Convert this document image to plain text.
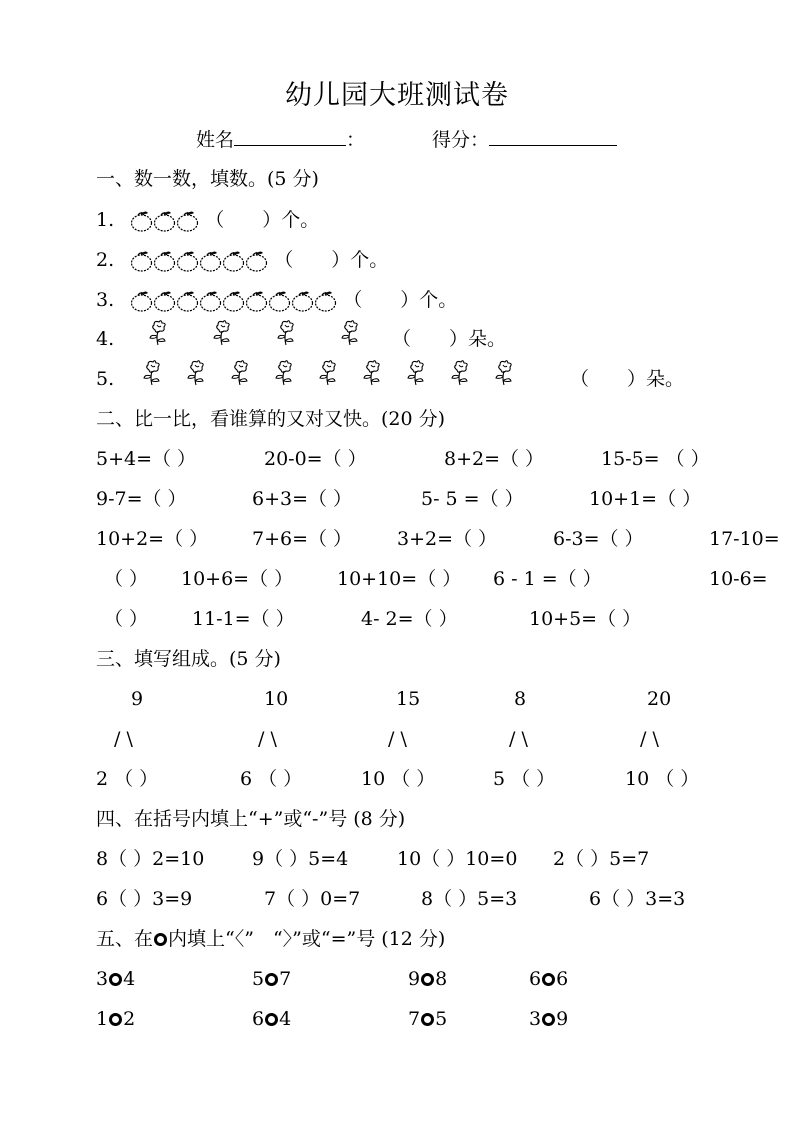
幼儿园大班测试卷
姓名	：	得分：
一、数一数，填数。(5 分)
1.	（　　）个。
2.	（　　）个。
3.	（　　）个。
4.	（　　）朵。
5.	（　　）朵。
二、比一比，看谁算的又对又快。(20 分)
5+4=（ ）	20-0=（ ）	8+2=（ ）	15-5= （ ）
9-7=（ ）	6+3=（ ）	5- 5 =（ ）	10+1=（ ）
10+2=（ ） 7+6=（ ） 3+2=（ ）	6-3=（ ）	17-10=
（ ） 10+6=（ ） 10+10=（ ） 6 - 1 =（ ）	10-6=
（ ） 11-1=（ ）	4- 2=（ ）	10+5=（ ）
三、填写组成。(5 分)
9	10	15	8	20
/ \	/ \	/ \	/ \	/ \
2 （ ）	6 （ ）	10 （ ）	5 （ ）	10 （ ）
四、在括号内填上“+”或“-”号 (8 分)
8（ ）2=10	9（ ）5=4	10（ ）10=0 2（ ）5=7
6（ ）3=9	7（ ）0=7	8（ ）5=3	6（ ）3=3
五、在 内填上“〈”　“〉”或“=”号 (12 分)
3 4	5 7	9 8	6 6
1 2	6 4	7 5	3 9
